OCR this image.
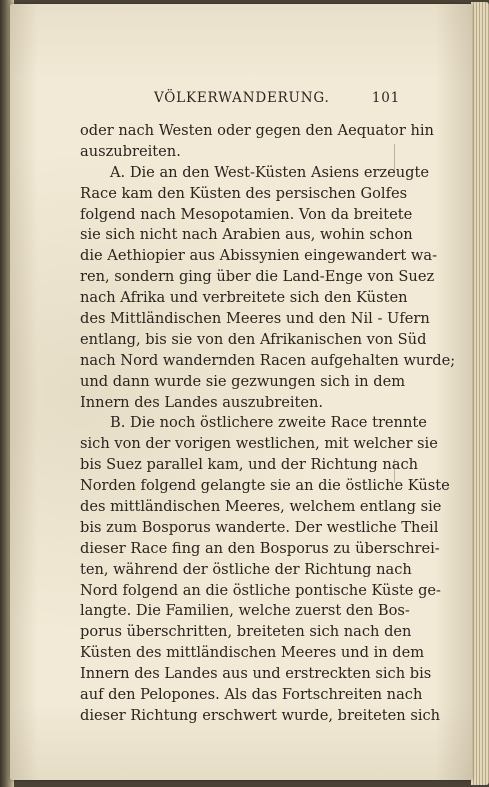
VÖLKERWANDERUNG.	101
oder nach Westen oder gegen den Aequator hin
auszubreiten.
A. Die an den West-Küsten Asiens erzeugte
Race kam den Küsten des persischen Golfes
folgend nach Mesopotamien. Von da breitete
sie sich nicht nach Arabien aus, wohin schon
die Aethiopier aus Abissynien eingewandert wa-
ren, sondern ging über die Land-Enge von Suez
nach Afrika und verbreitete sich den Küsten
des Mittländischen Meeres und den Nil - Ufern
entlang, bis sie von den Afrikanischen von Süd
nach Nord wandernden Racen aufgehalten wurde;
und dann wurde sie gezwungen sich in dem
Innern des Landes auszubreiten.
B. Die noch östlichere zweite Race trennte
sich von der vorigen westlichen, mit welcher sie
bis Suez parallel kam, und der Richtung nach
Norden folgend gelangte sie an die östliche Küste
des mittländischen Meeres, welchem entlang sie
bis zum Bosporus wanderte. Der westliche Theil
dieser Race fing an den Bosporus zu überschrei-
ten, während der östliche der Richtung nach
Nord folgend an die östliche pontische Küste ge-
langte. Die Familien, welche zuerst den Bos-
porus überschritten, breiteten sich nach den
Küsten des mittländischen Meeres und in dem
Innern des Landes aus und erstreckten sich bis
auf den Pelopones. Als das Fortschreiten nach
dieser Richtung erschwert wurde, breiteten sich
